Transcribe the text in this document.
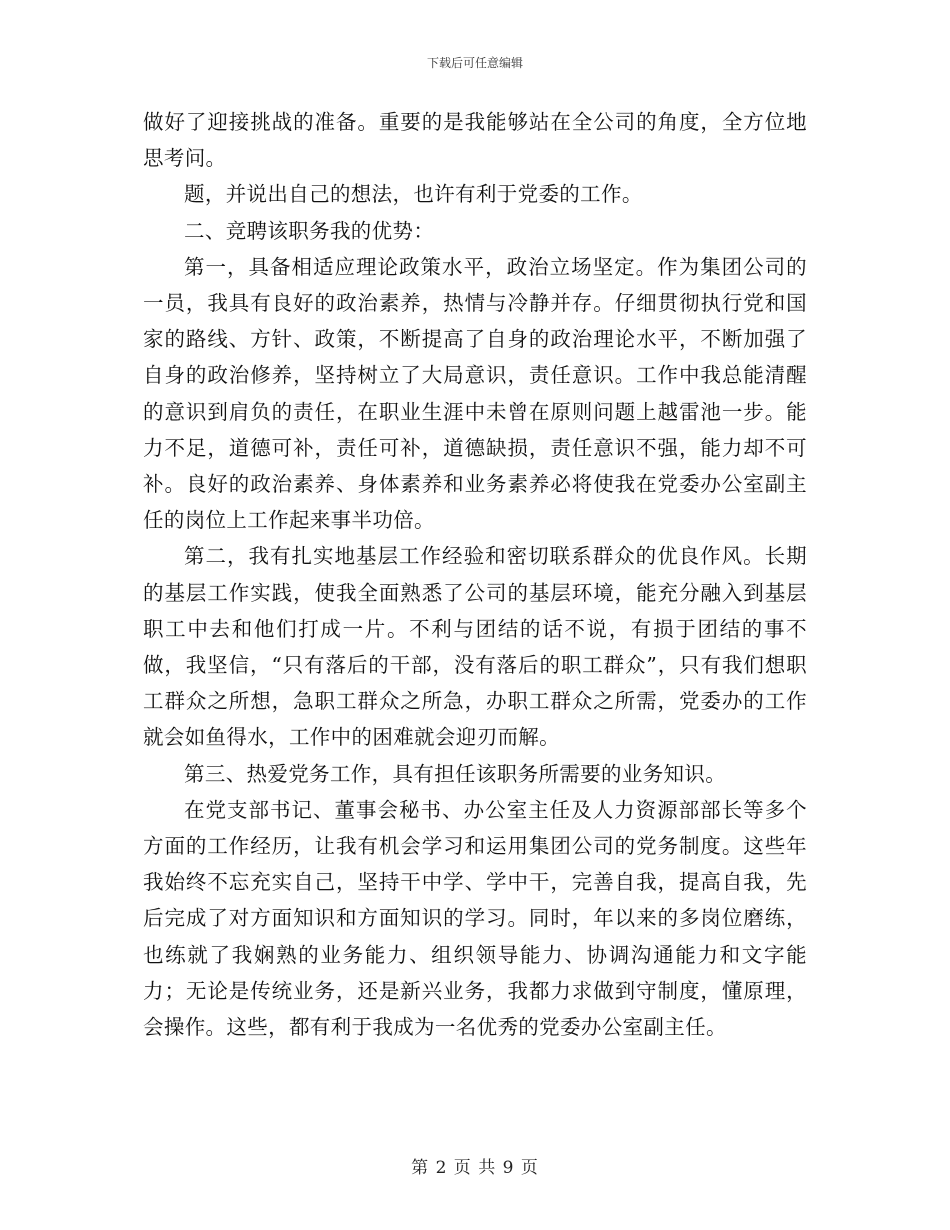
下载后可任意编辑

做好了迎接挑战的准备。重要的是我能够站在全公司的角度，全方位地思考问。

题，并说出自己的想法，也许有利于党委的工作。

二、竞聘该职务我的优势：

第一，具备相适应理论政策水平，政治立场坚定。作为集团公司的一员，我具有良好的政治素养，热情与冷静并存。仔细贯彻执行党和国家的路线、方针、政策，不断提高了自身的政治理论水平，不断加强了自身的政治修养，坚持树立了大局意识，责任意识。工作中我总能清醒的意识到肩负的责任，在职业生涯中未曾在原则问题上越雷池一步。能力不足，道德可补，责任可补，道德缺损，责任意识不强，能力却不可补。良好的政治素养、身体素养和业务素养必将使我在党委办公室副主任的岗位上工作起来事半功倍。

第二，我有扎实地基层工作经验和密切联系群众的优良作风。长期的基层工作实践，使我全面熟悉了公司的基层环境，能充分融入到基层职工中去和他们打成一片。不利与团结的话不说，有损于团结的事不做，我坚信，“只有落后的干部，没有落后的职工群众”，只有我们想职工群众之所想，急职工群众之所急，办职工群众之所需，党委办的工作就会如鱼得水，工作中的困难就会迎刃而解。

第三、热爱党务工作，具有担任该职务所需要的业务知识。

在党支部书记、董事会秘书、办公室主任及人力资源部部长等多个方面的工作经历，让我有机会学习和运用集团公司的党务制度。这些年我始终不忘充实自己，坚持干中学、学中干，完善自我，提高自我，先后完成了对方面知识和方面知识的学习。同时，年以来的多岗位磨练，也练就了我娴熟的业务能力、组织领导能力、协调沟通能力和文字能力；无论是传统业务，还是新兴业务，我都力求做到守制度，懂原理，会操作。这些，都有利于我成为一名优秀的党委办公室副主任。

第 2 页 共 9 页
